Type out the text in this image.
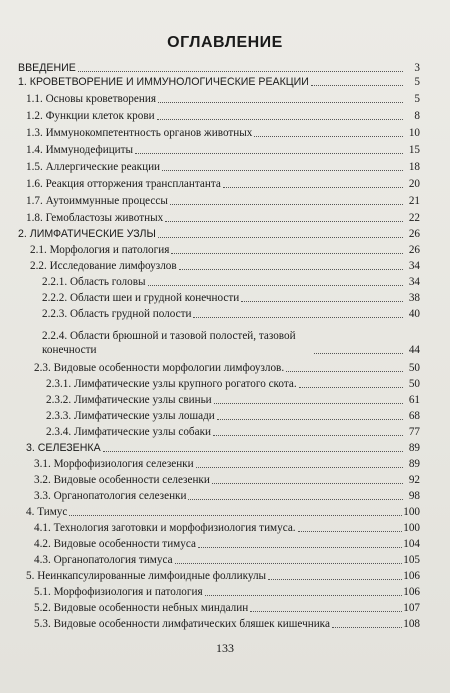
ОГЛАВЛЕНИЕ
ВВЕДЕНИЕ	3
1. КРОВЕТВОРЕНИЕ И ИММУНОЛОГИЧЕСКИЕ РЕАКЦИИ	5
1.1. Основы кроветворения	5
1.2. Функции клеток крови	8
1.3. Иммунокомпетентность органов животных	10
1.4. Иммунодефициты	15
1.5. Аллергические реакции	18
1.6. Реакция отторжения трансплантанта	20
1.7. Аутоиммунные процессы	21
1.8. Гемобластозы животных	22
2. ЛИМФАТИЧЕСКИЕ УЗЛЫ	26
2.1. Морфология и патология	26
2.2. Исследование лимфоузлов	34
2.2.1. Область головы	34
2.2.2. Области шеи и грудной конечности	38
2.2.3. Область грудной полости	40
2.2.4. Области брюшной и тазовой полостей, тазовой конечности	44
2.3. Видовые особенности морфологии лимфоузлов.	50
2.3.1. Лимфатические узлы крупного рогатого скота.	50
2.3.2. Лимфатические узлы свиньи	61
2.3.3. Лимфатические узлы лошади	68
2.3.4. Лимфатические узлы собаки	77
3. СЕЛЕЗЕНКА	89
3.1. Морфофизиология селезенки	89
3.2. Видовые особенности селезенки	92
3.3. Органопатология селезенки	98
4. Тимус	100
4.1. Технология заготовки и морфофизиология тимуса.	100
4.2. Видовые особенности тимуса	104
4.3. Органопатология тимуса	105
5. Неинкапсулированные лимфоидные фолликулы	106
5.1. Морфофизиология и патология	106
5.2. Видовые особенности небных миндалин	107
5.3. Видовые особенности лимфатических бляшек кишечника	108
133
